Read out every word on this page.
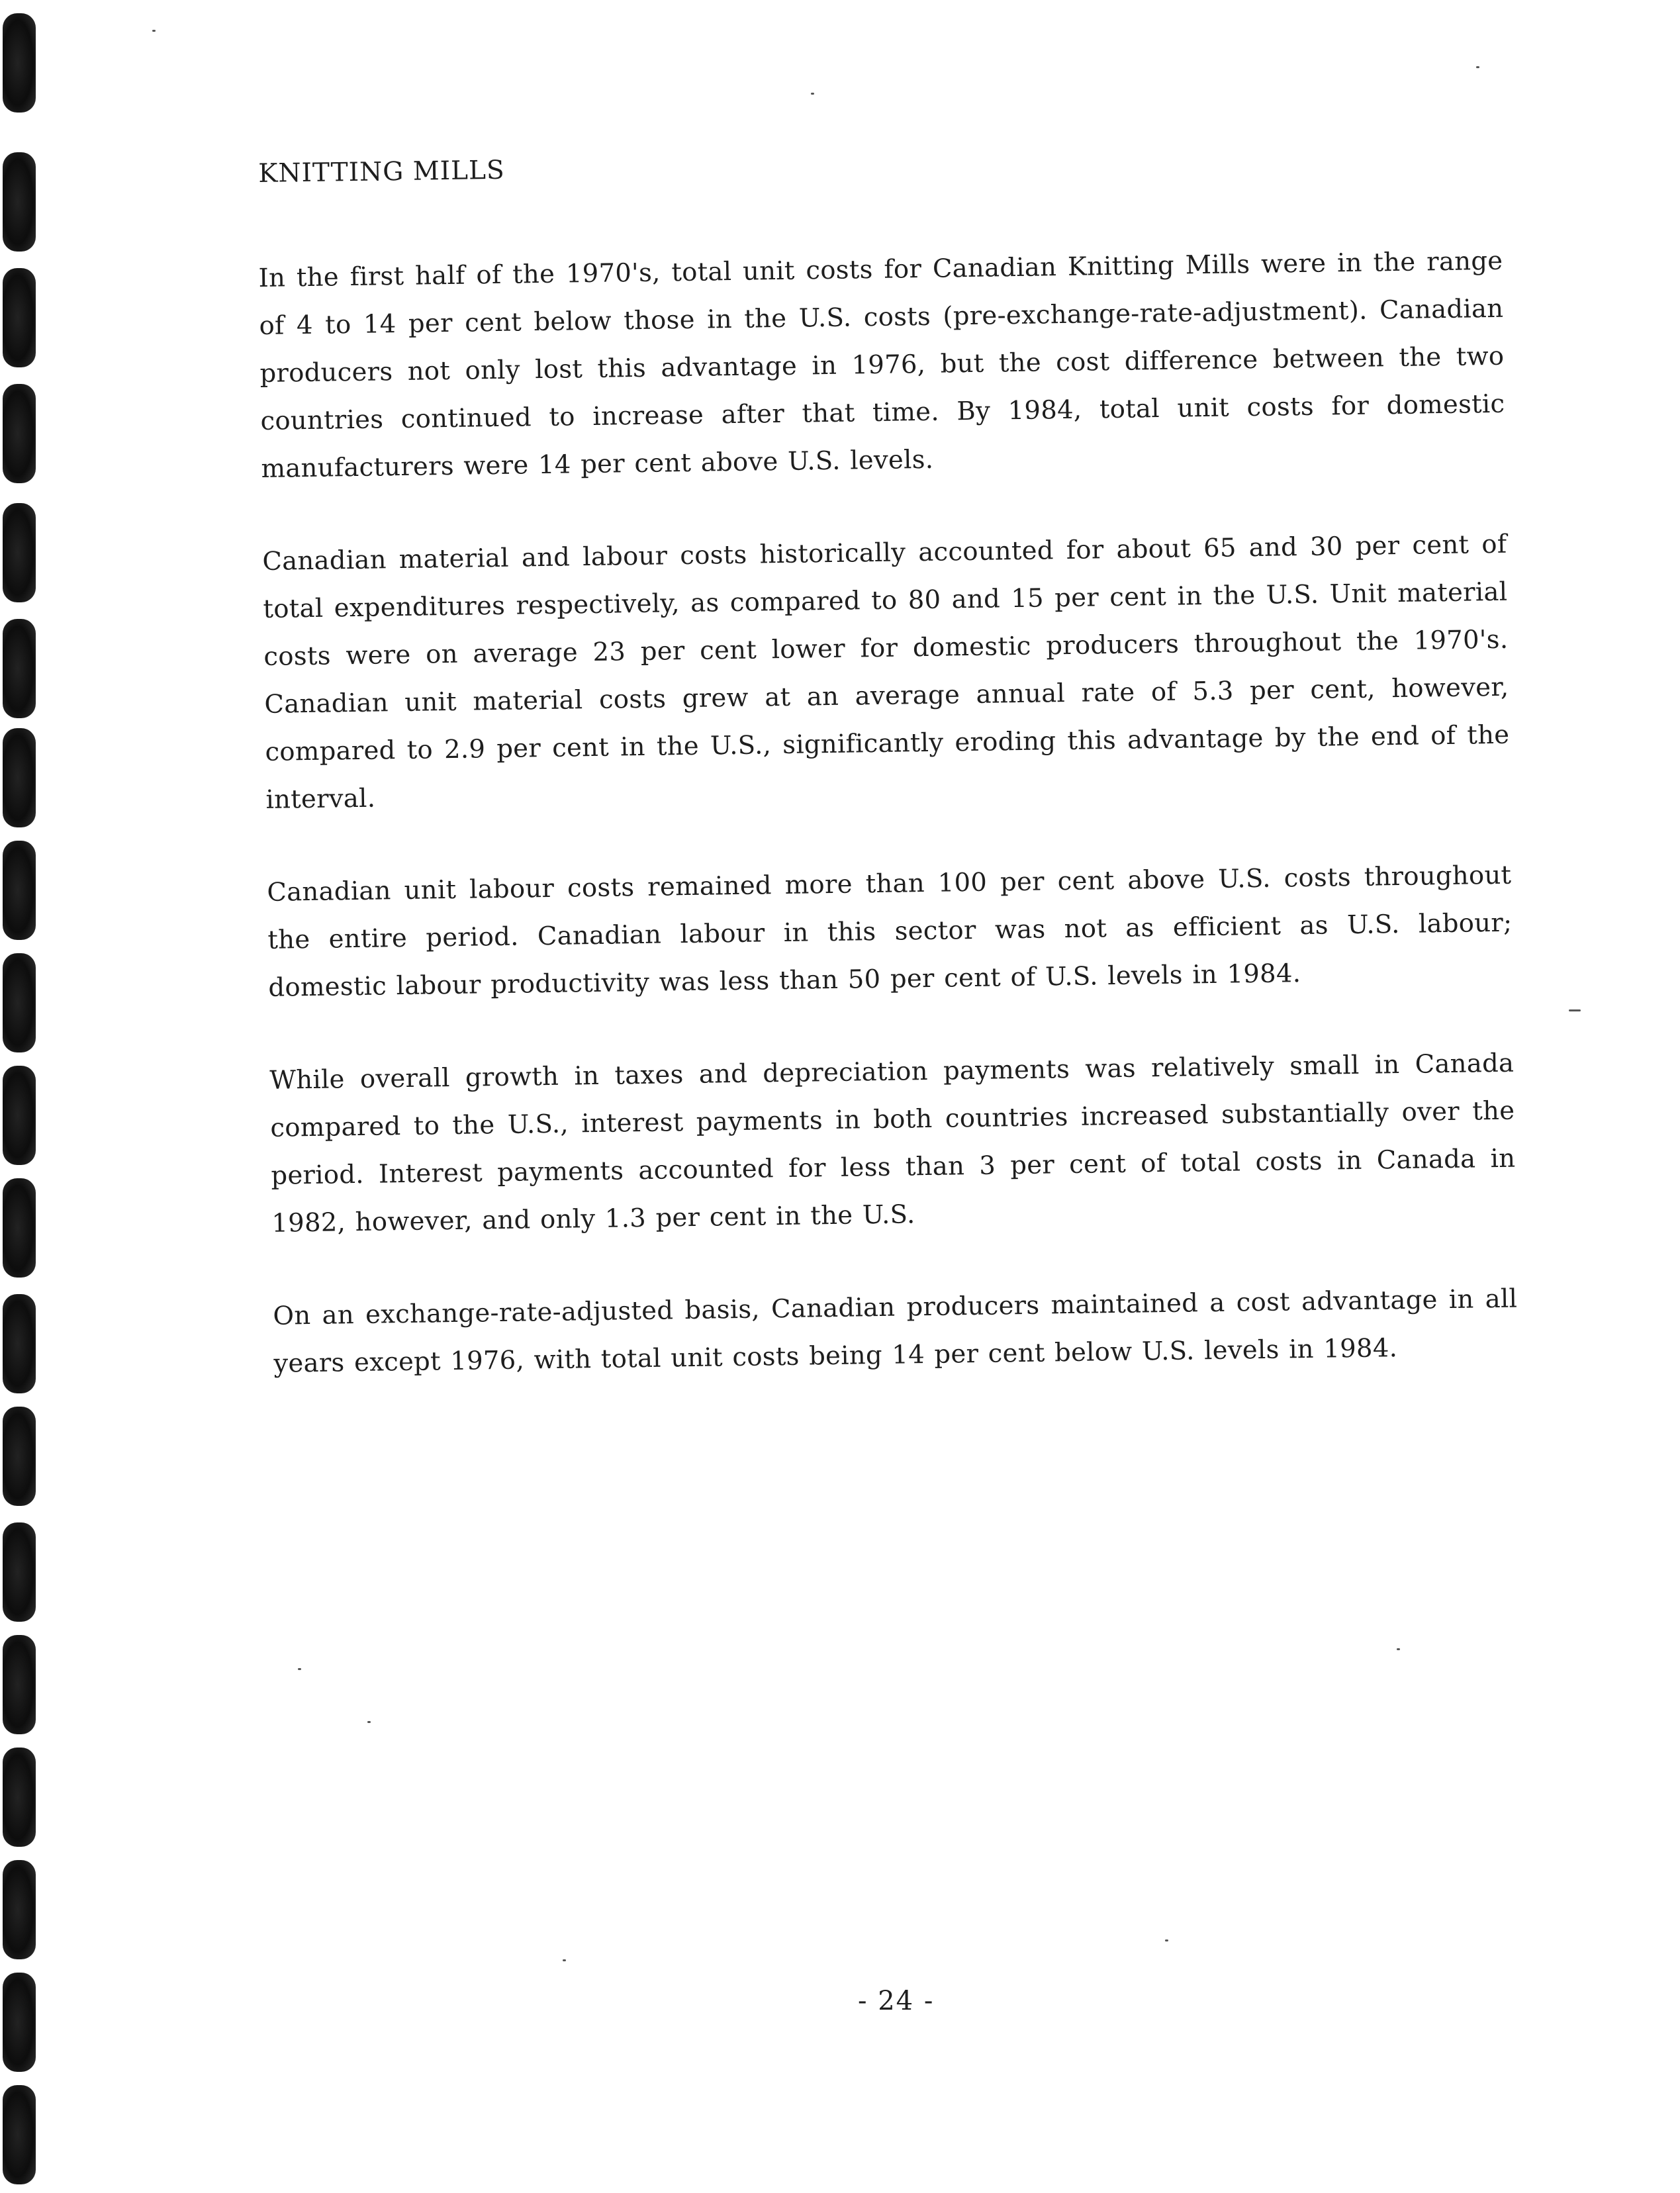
KNITTING MILLS

In the first half of the 1970's, total unit costs for Canadian Knitting Mills were in the range of 4 to 14 per cent below those in the U.S. costs (pre-exchange-rate-adjustment). Canadian producers not only lost this advantage in 1976, but the cost difference between the two countries continued to increase after that time. By 1984, total unit costs for domestic manufacturers were 14 per cent above U.S. levels.

Canadian material and labour costs historically accounted for about 65 and 30 per cent of total expenditures respectively, as compared to 80 and 15 per cent in the U.S. Unit material costs were on average 23 per cent lower for domestic producers throughout the 1970's. Canadian unit material costs grew at an average annual rate of 5.3 per cent, however, compared to 2.9 per cent in the U.S., significantly eroding this advantage by the end of the interval.

Canadian unit labour costs remained more than 100 per cent above U.S. costs throughout the entire period. Canadian labour in this sector was not as efficient as U.S. labour; domestic labour productivity was less than 50 per cent of U.S. levels in 1984.

While overall growth in taxes and depreciation payments was relatively small in Canada compared to the U.S., interest payments in both countries increased substantially over the period. Interest payments accounted for less than 3 per cent of total costs in Canada in 1982, however, and only 1.3 per cent in the U.S.

On an exchange-rate-adjusted basis, Canadian producers maintained a cost advantage in all years except 1976, with total unit costs being 14 per cent below U.S. levels in 1984.

- 24 -
